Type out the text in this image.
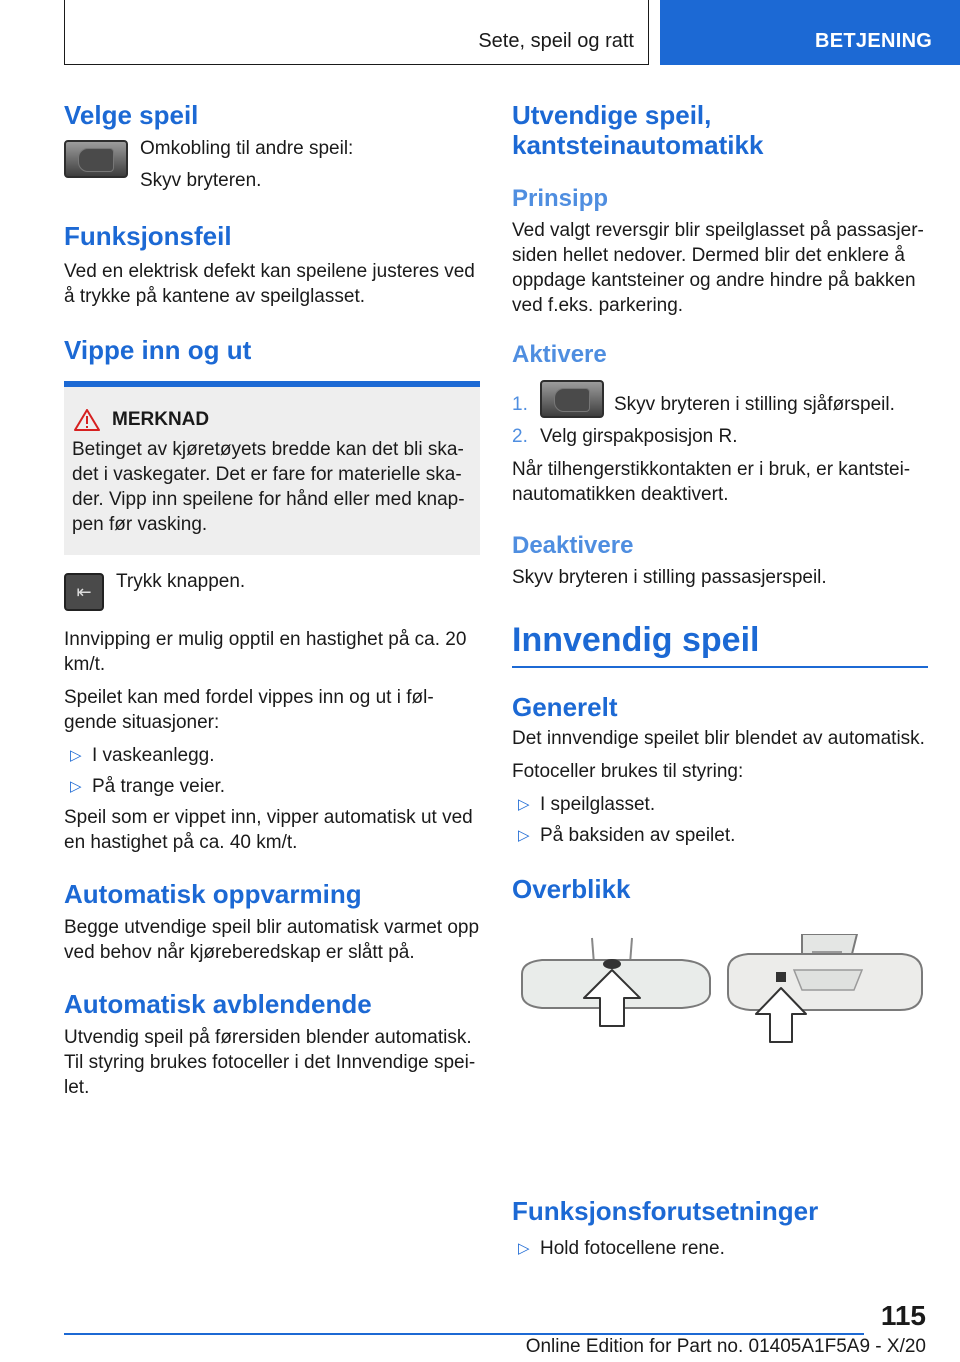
Sete, speil og ratt	BETJENING
Velge speil

Omkobling til andre speil:

Skyv bryteren.

Funksjonsfeil

Ved en elektrisk defekt kan speilene justeres ved å trykke på kantene av speilglasset.

Vippe inn og ut
MERKNAD

Betinget av kjøretøyets bredde kan det bli skadet i vaskegater. Det er fare for materielle skader. Vipp inn speilene for hånd eller med knappen før vasking.

⇤	Trykk knappen.

Innvipping er mulig opptil en hastighet på ca. 20 km/t.

Speilet kan med fordel vippes inn og ut i følgende situasjoner:

▷ I vaskeanlegg.
▷ På trange veier.

Speil som er vippet inn, vipper automatisk ut ved en hastighet på ca. 40 km/t.

Automatisk oppvarming

Begge utvendige speil blir automatisk varmet opp ved behov når kjøreberedskap er slått på.

Automatisk avblendende

Utvendig speil på førersiden blender automatisk. Til styring brukes fotoceller i det Innvendige speilet.

Utvendige speil, kantsteinautomatikk
Prinsipp

Ved valgt reversgir blir speilglasset på passasjersiden hellet nedover. Dermed blir det enklere å oppdage kantsteiner og andre hindre på bakken ved f.eks. parkering.

Aktivere
1.	Skyv bryteren i stilling sjåførspeil.
2. Velg girspakposisjon R.

Når tilhengerstikkontakten er i bruk, er kantsteinautomatikken deaktivert.

Deaktivere

Skyv bryteren i stilling passasjerspeil.

Innvendig speil
Generelt

Det innvendige speilet blir blendet av automatisk.

Fotoceller brukes til styring:

▷ I speilglasset.
▷ På baksiden av speilet.
Overblikk
Funksjonsforutsetninger
▷ Hold fotocellene rene.
115
Online Edition for Part no. 01405A1F5A9 - X/20
